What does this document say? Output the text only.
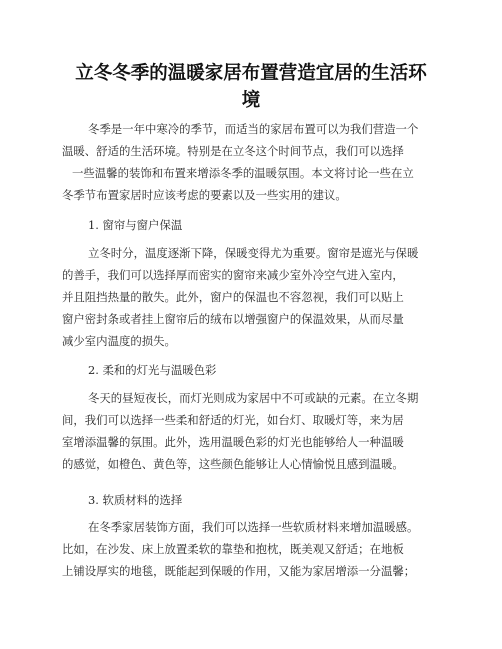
立冬冬季的温暖家居布置营造宜居的生活环
境
冬季是一年中寒冷的季节，而适当的家居布置可以为我们营造一个
温暖、舒适的生活环境。特别是在立冬这个时间节点，我们可以选择
一些温馨的装饰和布置来增添冬季的温暖氛围。本文将讨论一些在立
冬季节布置家居时应该考虑的要素以及一些实用的建议。
1. 窗帘与窗户保温
立冬时分，温度逐渐下降，保暖变得尤为重要。窗帘是遮光与保暖
的善手，我们可以选择厚而密实的窗帘来减少室外冷空气进入室内，
并且阻挡热量的散失。此外，窗户的保温也不容忽视，我们可以贴上
窗户密封条或者挂上窗帘后的绒布以增强窗户的保温效果，从而尽量
减少室内温度的损失。
2. 柔和的灯光与温暖色彩
冬天的昼短夜长，而灯光则成为家居中不可或缺的元素。在立冬期
间，我们可以选择一些柔和舒适的灯光，如台灯、取暖灯等，来为居
室增添温馨的氛围。此外，选用温暖色彩的灯光也能够给人一种温暖
的感觉，如橙色、黄色等，这些颜色能够让人心情愉悦且感到温暖。
3. 软质材料的选择
在冬季家居装饰方面，我们可以选择一些软质材料来增加温暖感。
比如，在沙发、床上放置柔软的靠垫和抱枕，既美观又舒适；在地板
上铺设厚实的地毯，既能起到保暖的作用，又能为家居增添一分温馨；
